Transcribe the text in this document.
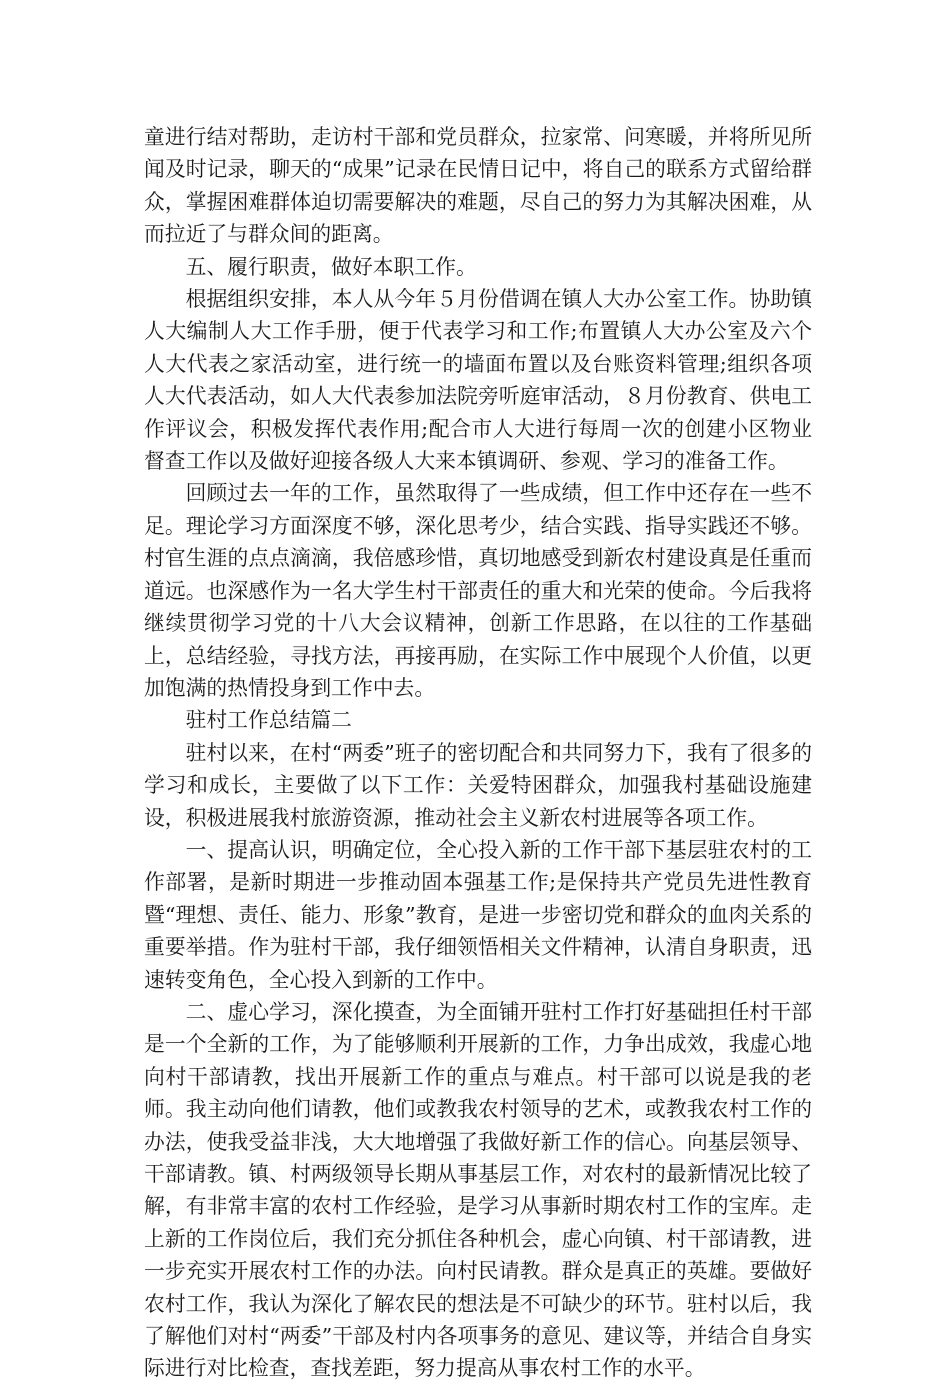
童进行结对帮助，走访村干部和党员群众，拉家常、问寒暖，并将所见所闻及时记录，聊天的“成果”记录在民情日记中，将自己的联系方式留给群众，掌握困难群体迫切需要解决的难题，尽自己的努力为其解决困难，从而拉近了与群众间的距离。

五、履行职责，做好本职工作。

根据组织安排，本人从今年５月份借调在镇人大办公室工作。协助镇人大编制人大工作手册，便于代表学习和工作;布置镇人大办公室及六个人大代表之家活动室，进行统一的墙面布置以及台账资料管理;组织各项人大代表活动，如人大代表参加法院旁听庭审活动，８月份教育、供电工作评议会，积极发挥代表作用;配合市人大进行每周一次的创建小区物业督查工作以及做好迎接各级人大来本镇调研、参观、学习的准备工作。

回顾过去一年的工作，虽然取得了一些成绩，但工作中还存在一些不足。理论学习方面深度不够，深化思考少，结合实践、指导实践还不够。村官生涯的点点滴滴，我倍感珍惜，真切地感受到新农村建设真是任重而道远。也深感作为一名大学生村干部责任的重大和光荣的使命。今后我将继续贯彻学习党的十八大会议精神，创新工作思路，在以往的工作基础上，总结经验，寻找方法，再接再励，在实际工作中展现个人价值，以更加饱满的热情投身到工作中去。

驻村工作总结篇二

驻村以来，在村“两委”班子的密切配合和共同努力下，我有了很多的学习和成长，主要做了以下工作：关爱特困群众，加强我村基础设施建设，积极进展我村旅游资源，推动社会主义新农村进展等各项工作。

一、提高认识，明确定位，全心投入新的工作干部下基层驻农村的工作部署，是新时期进一步推动固本强基工作;是保持共产党员先进性教育暨“理想、责任、能力、形象”教育，是进一步密切党和群众的血肉关系的重要举措。作为驻村干部，我仔细领悟相关文件精神，认清自身职责，迅速转变角色，全心投入到新的工作中。

二、虚心学习，深化摸查，为全面铺开驻村工作打好基础担任村干部是一个全新的工作，为了能够顺利开展新的工作，力争出成效，我虚心地向村干部请教，找出开展新工作的重点与难点。村干部可以说是我的老师。我主动向他们请教，他们或教我农村领导的艺术，或教我农村工作的办法，使我受益非浅，大大地增强了我做好新工作的信心。向基层领导、干部请教。镇、村两级领导长期从事基层工作，对农村的最新情况比较了解，有非常丰富的农村工作经验，是学习从事新时期农村工作的宝库。走上新的工作岗位后，我们充分抓住各种机会，虚心向镇、村干部请教，进一步充实开展农村工作的办法。向村民请教。群众是真正的英雄。要做好农村工作，我认为深化了解农民的想法是不可缺少的环节。驻村以后，我了解他们对村“两委”干部及村内各项事务的意见、建议等，并结合自身实际进行对比检查，查找差距，努力提高从事农村工作的水平。
